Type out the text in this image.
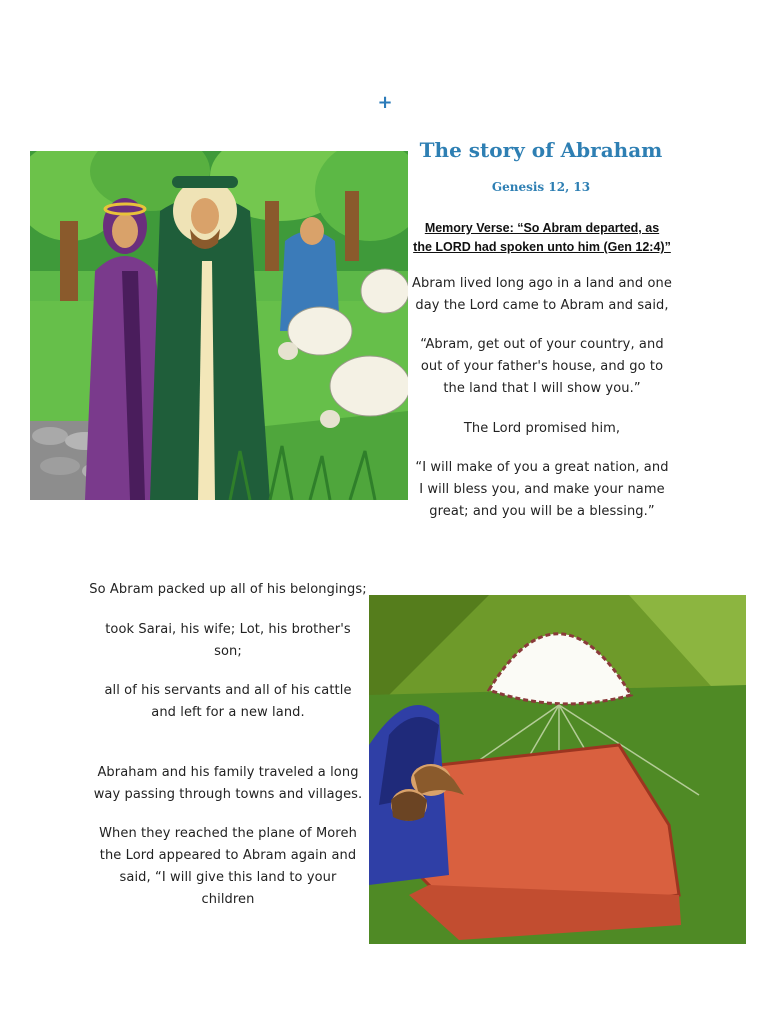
+
The story of Abraham
Genesis 12, 13
Memory Verse: “So Abram departed, as
the LORD had spoken unto him (Gen 12:4)”
Abram lived long ago in a land and one
day the Lord came to Abram and said,
“Abram, get out of your country, and
out of your father's house, and go to
the land that I will show you.”
The Lord promised him,
“I will make of you a great nation, and
I will bless you, and make your name
great; and you will be a blessing.”
So Abram packed up all of his belongings;
took Sarai, his wife; Lot, his brother's
son;
all of his servants and all of his cattle
and left for a new land.
Abraham and his family traveled a long
way passing through towns and villages.
When they reached the plane of Moreh
the Lord appeared to Abram again and
said, “I will give this land to your
children
